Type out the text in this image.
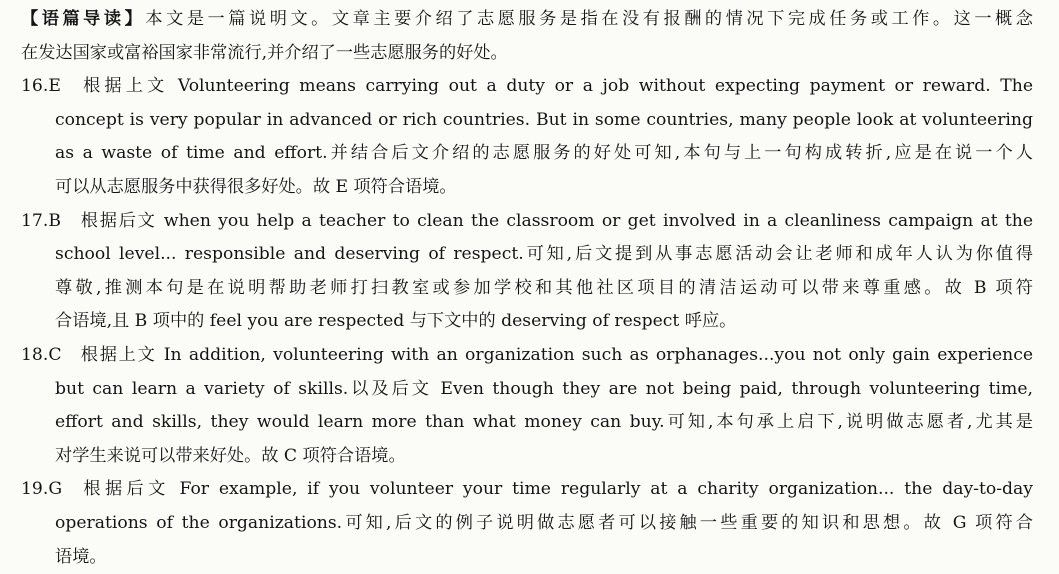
【语篇导读】本文是一篇说明文。文章主要介绍了志愿服务是指在没有报酬的情况下完成任务或工作。这一概念
在发达国家或富裕国家非常流行,并介绍了一些志愿服务的好处。
16.E 根据上文 Volunteering means carrying out a duty or a job without expecting payment or reward. The
concept is very popular in advanced or rich countries. But in some countries, many people look at volunteering
as a waste of time and effort.并结合后文介绍的志愿服务的好处可知,本句与上一句构成转折,应是在说一个人
可以从志愿服务中获得很多好处。故 E 项符合语境。
17.B 根据后文 when you help a teacher to clean the classroom or get involved in a cleanliness campaign at the
school level... responsible and deserving of respect.可知,后文提到从事志愿活动会让老师和成年人认为你值得
尊敬,推测本句是在说明帮助老师打扫教室或参加学校和其他社区项目的清洁运动可以带来尊重感。故 B 项符
合语境,且 B 项中的 feel you are respected 与下文中的 deserving of respect 呼应。
18.C 根据上文 In addition, volunteering with an organization such as orphanages...you not only gain experience
but can learn a variety of skills.以及后文 Even though they are not being paid, through volunteering time,
effort and skills, they would learn more than what money can buy.可知,本句承上启下,说明做志愿者,尤其是
对学生来说可以带来好处。故 C 项符合语境。
19.G 根据后文 For example, if you volunteer your time regularly at a charity organization... the day-to-day
operations of the organizations.可知,后文的例子说明做志愿者可以接触一些重要的知识和思想。故 G 项符合
语境。
